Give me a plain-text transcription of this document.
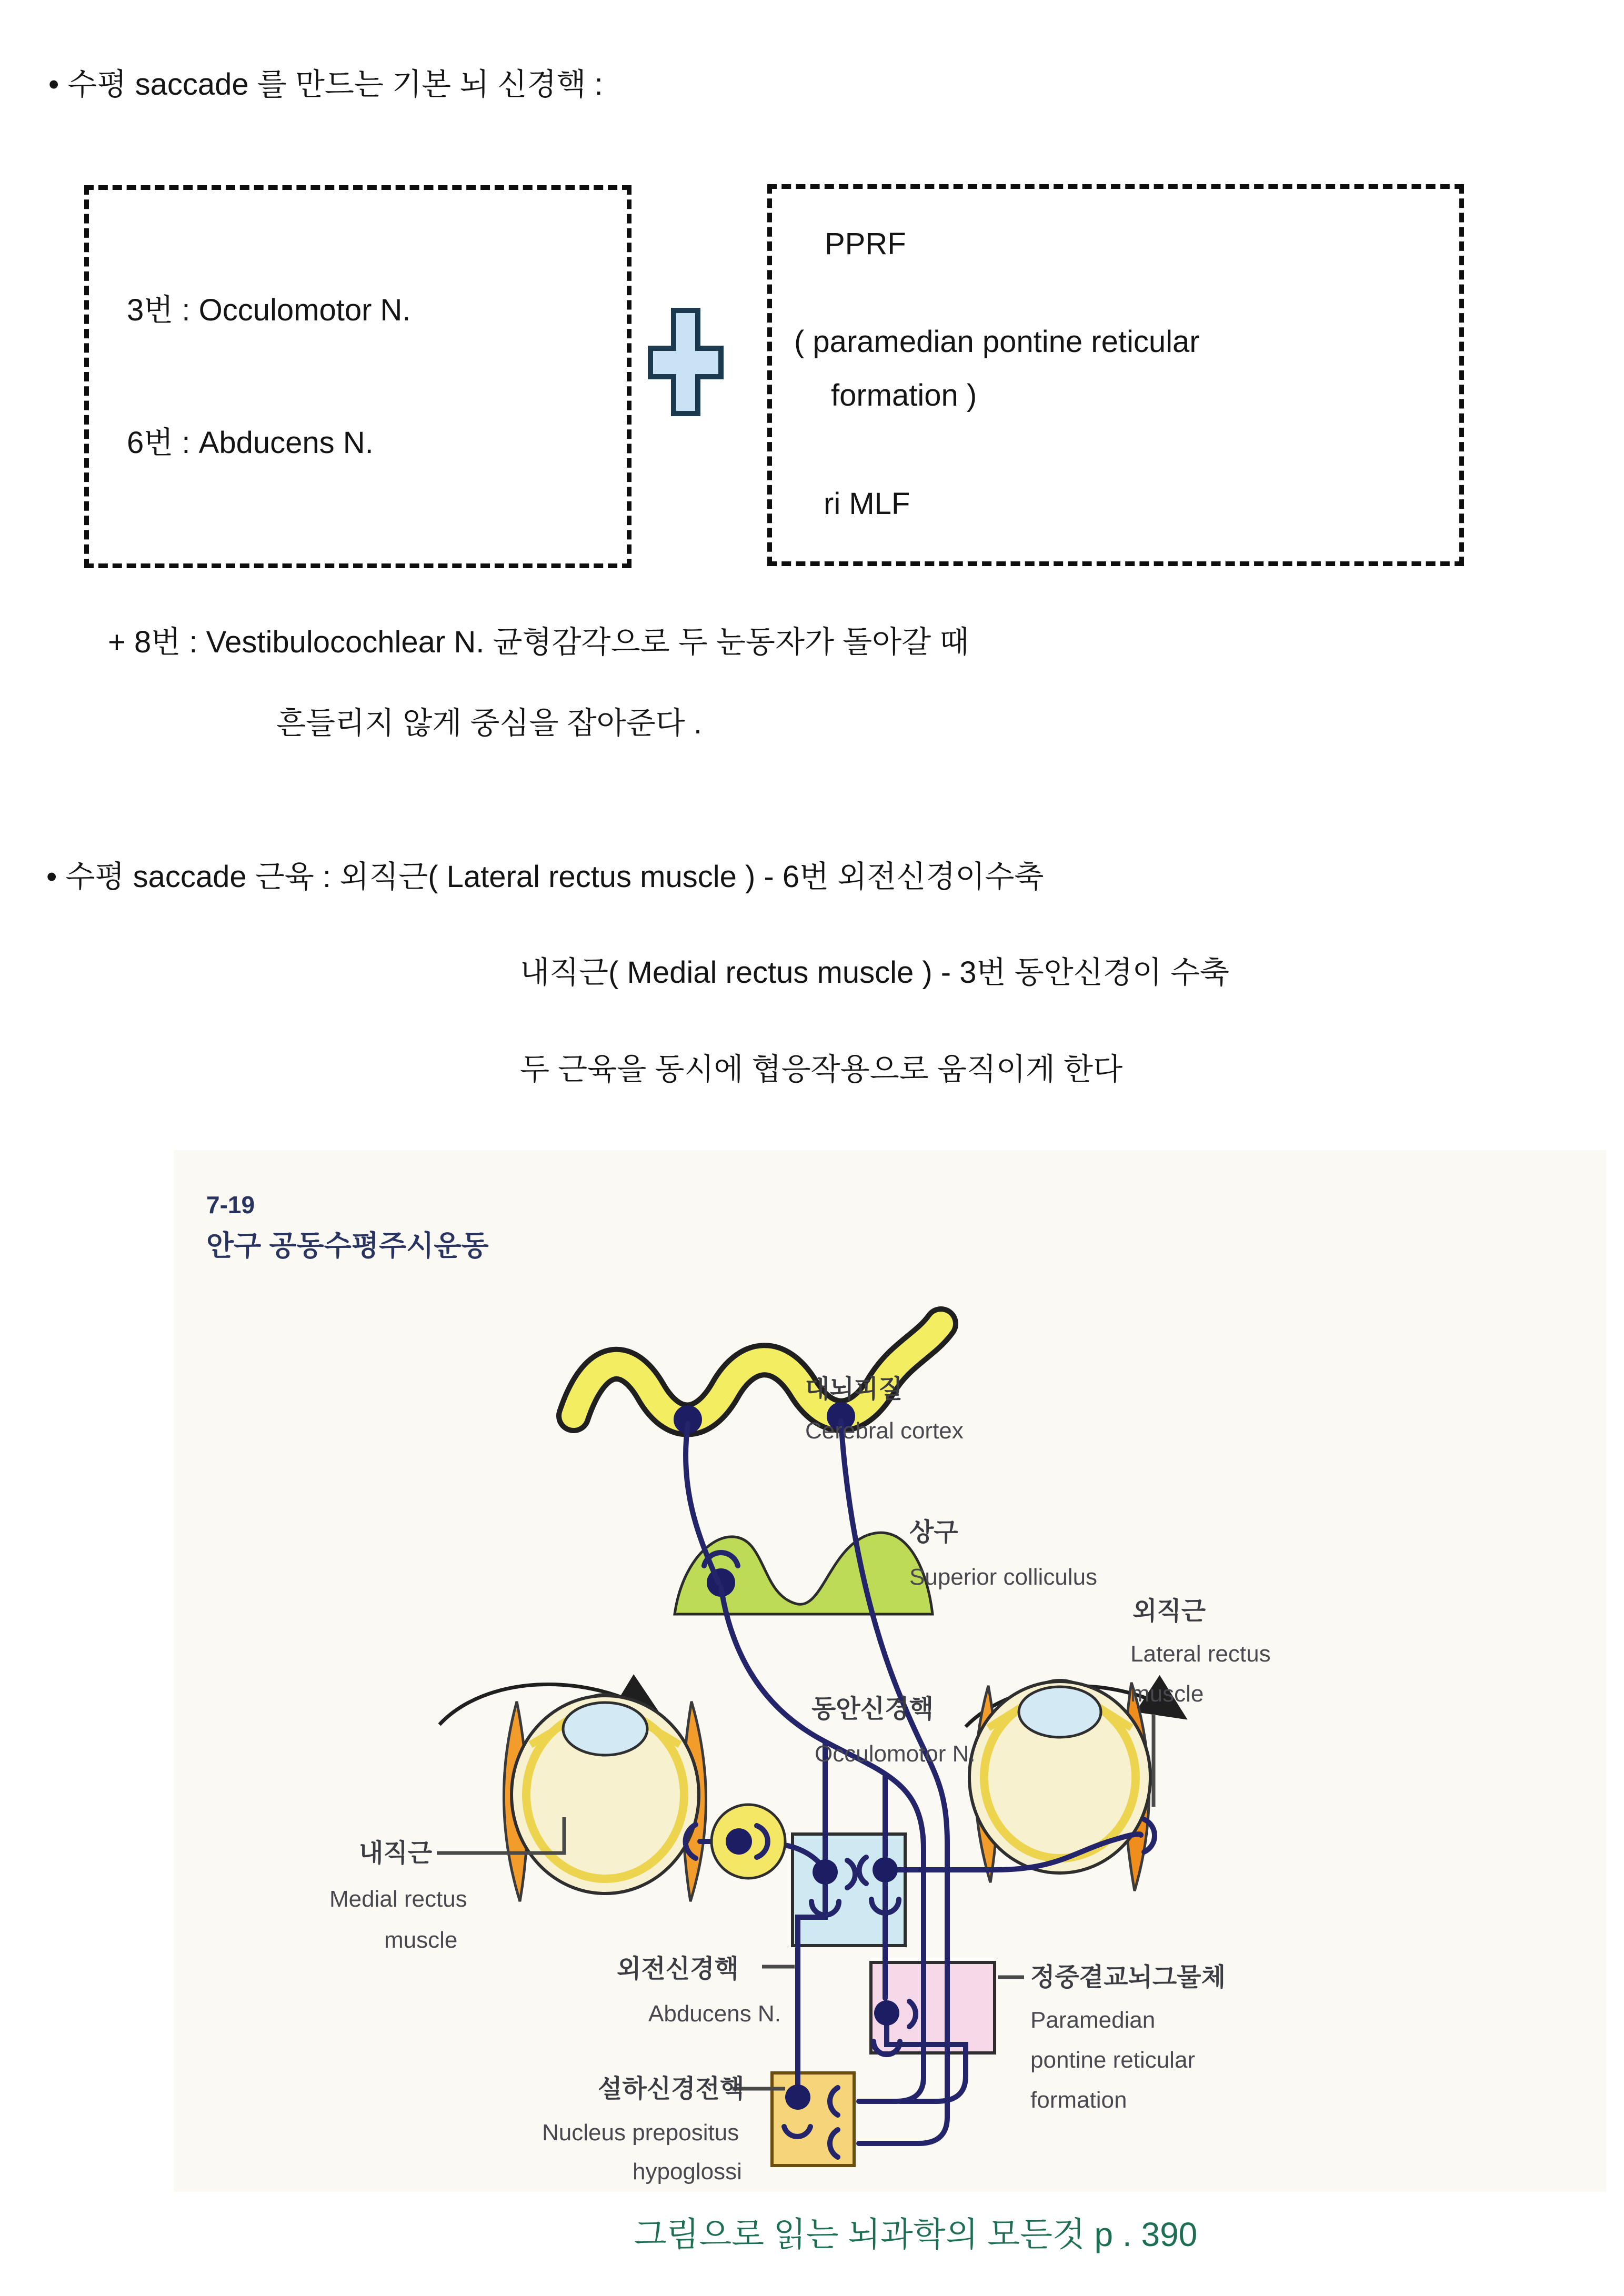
• 수평 saccade 를 만드는 기본 뇌 신경핵 :
3번 : Occulomotor N.
6번 : Abducens N.
PPRF
( paramedian pontine reticular
formation )
ri MLF
+ 8번 : Vestibulocochlear N. 균형감각으로 두 눈동자가 돌아갈 때
흔들리지 않게 중심을 잡아준다 .
• 수평 saccade 근육 : 외직근( Lateral rectus muscle ) - 6번 외전신경이수축
내직근( Medial rectus muscle ) - 3번 동안신경이 수축
두 근육을 동시에 협응작용으로 움직이게 한다
7-19
안구 공동수평주시운동
대뇌피질
Cerebral cortex
상구
Superior colliculus
외직근
Lateral rectus
muscle
동안신경핵
Occulomotor N.
내직근
Medial rectus
muscle
외전신경핵
Abducens N.
정중곁교뇌그물체
Paramedian
pontine reticular
formation
설하신경전핵
Nucleus prepositus
hypoglossi
그림으로 읽는 뇌과학의 모든것 p . 390
